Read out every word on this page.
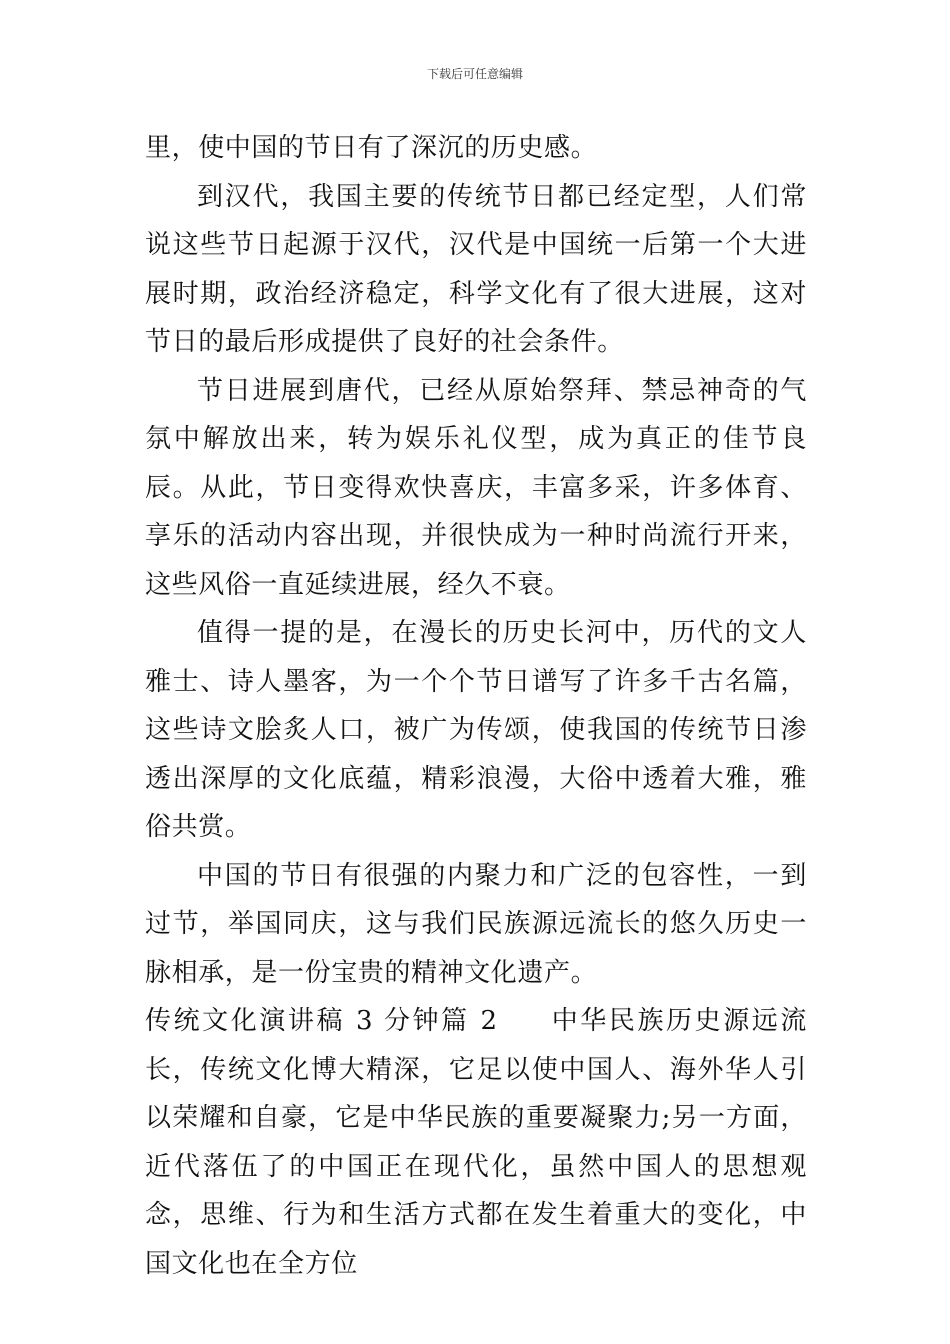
下载后可任意编辑

里，使中国的节日有了深沉的历史感。

到汉代，我国主要的传统节日都已经定型，人们常说这些节日起源于汉代，汉代是中国统一后第一个大进展时期，政治经济稳定，科学文化有了很大进展，这对节日的最后形成提供了良好的社会条件。

节日进展到唐代，已经从原始祭拜、禁忌神奇的气氛中解放出来，转为娱乐礼仪型，成为真正的佳节良辰。从此，节日变得欢快喜庆，丰富多采，许多体育、享乐的活动内容出现，并很快成为一种时尚流行开来，这些风俗一直延续进展，经久不衰。

值得一提的是，在漫长的历史长河中，历代的文人雅士、诗人墨客，为一个个节日谱写了许多千古名篇，这些诗文脍炙人口，被广为传颂，使我国的传统节日渗透出深厚的文化底蕴，精彩浪漫，大俗中透着大雅，雅俗共赏。

中国的节日有很强的内聚力和广泛的包容性，一到过节，举国同庆，这与我们民族源远流长的悠久历史一脉相承，是一份宝贵的精神文化遗产。

传统文化演讲稿 3 分钟篇 2 中华民族历史源远流长，传统文化博大精深，它足以使中国人、海外华人引以荣耀和自豪，它是中华民族的重要凝聚力;另一方面，近代落伍了的中国正在现代化，虽然中国人的思想观念，思维、行为和生活方式都在发生着重大的变化，中国文化也在全方位
